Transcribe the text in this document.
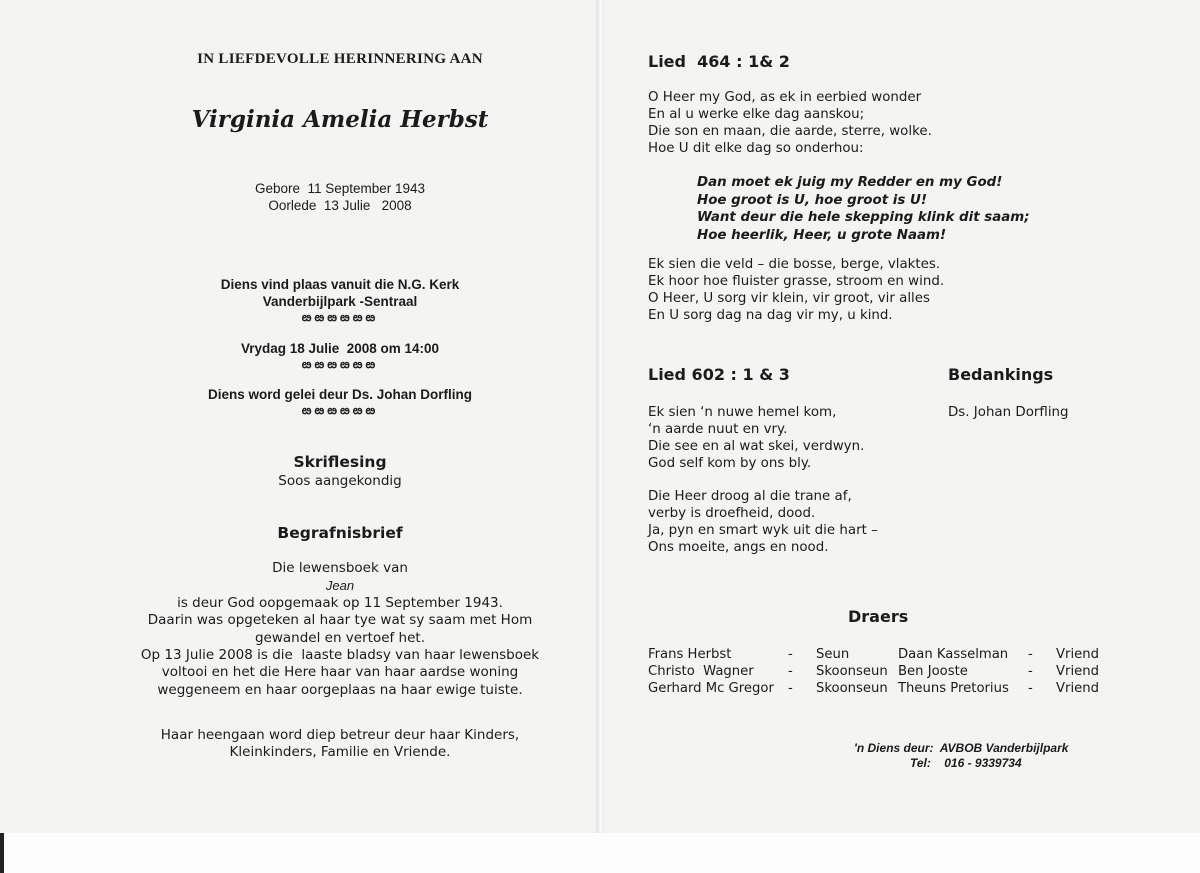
IN LIEFDEVOLLE HERINNERING AAN
Virginia Amelia Herbst
Gebore  11 September 1943
Oorlede  13 Julie   2008
Diens vind plaas vanuit die N.G. Kerk
Vanderbijlpark -Sentraal
ఴఴఴఴఴఴ
Vrydag 18 Julie  2008 om 14:00
ఴఴఴఴఴఴ
Diens word gelei deur Ds. Johan Dorfling
ఴఴఴఴఴఴ
Skriflesing
Soos aangekondig
Begrafnisbrief
Die lewensboek van
Jean
is deur God oopgemaak op 11 September 1943.
Daarin was opgeteken al haar tye wat sy saam met Hom
gewandel en vertoef het.
Op 13 Julie 2008 is die  laaste bladsy van haar lewensboek
voltooi en het die Here haar van haar aardse woning
weggeneem en haar oorgeplaas na haar ewige tuiste.
Haar heengaan word diep betreur deur haar Kinders,
Kleinkinders, Familie en Vriende.
Lied  464 : 1& 2
O Heer my God, as ek in eerbied wonder
En al u werke elke dag aanskou;
Die son en maan, die aarde, sterre, wolke.
Hoe U dit elke dag so onderhou:
Dan moet ek juig my Redder en my God!
Hoe groot is U, hoe groot is U!
Want deur die hele skepping klink dit saam;
Hoe heerlik, Heer, u grote Naam!
Ek sien die veld – die bosse, berge, vlaktes.
Ek hoor hoe fluister grasse, stroom en wind.
O Heer, U sorg vir klein, vir groot, vir alles
En U sorg dag na dag vir my, u kind.
Lied 602 : 1 & 3
Ek sien ‘n nuwe hemel kom,
‘n aarde nuut en vry.
Die see en al wat skei, verdwyn.
God self kom by ons bly.
Die Heer droog al die trane af,
verby is droefheid, dood.
Ja, pyn en smart wyk uit die hart –
Ons moeite, angs en nood.
Bedankings
Ds. Johan Dorfling
Draers
Frans Herbst	-	Seun	Daan Kasselman	-	Vriend
Christo  Wagner	-	Skoonseun	Ben Jooste	-	Vriend
Gerhard Mc Gregor	-	Skoonseun	Theuns Pretorius	-	Vriend
'n Diens deur:  AVBOB Vanderbijlpark
Tel:    016 - 9339734
